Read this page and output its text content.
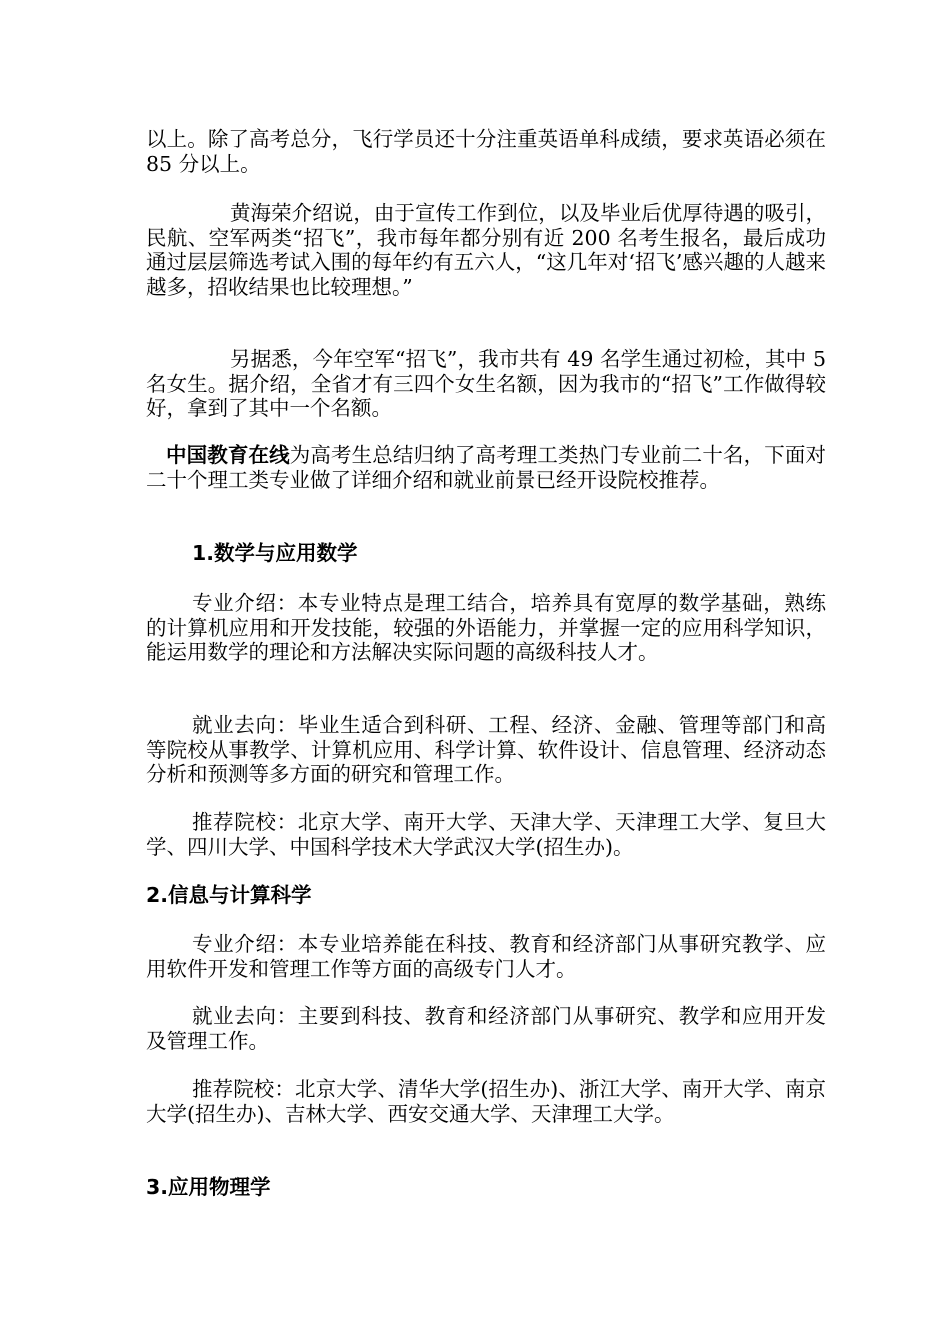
以上。除了高考总分，飞行学员还十分注重英语单科成绩，要求英语必须在 85 分以上。

黄海荣介绍说，由于宣传工作到位，以及毕业后优厚待遇的吸引，民航、空军两类“招飞”，我市每年都分别有近 200 名考生报名，最后成功通过层层筛选考试入围的每年约有五六人，“这几年对‘招飞’感兴趣的人越来越多，招收结果也比较理想。”

另据悉，今年空军“招飞”，我市共有 49 名学生通过初检，其中 5 名女生。据介绍，全省才有三四个女生名额，因为我市的“招飞”工作做得较好，拿到了其中一个名额。

中国教育在线为高考生总结归纳了高考理工类热门专业前二十名，下面对二十个理工类专业做了详细介绍和就业前景已经开设院校推荐。

1.数学与应用数学

专业介绍：本专业特点是理工结合，培养具有宽厚的数学基础，熟练的计算机应用和开发技能，较强的外语能力，并掌握一定的应用科学知识，能运用数学的理论和方法解决实际问题的高级科技人才。

就业去向：毕业生适合到科研、工程、经济、金融、管理等部门和高等院校从事教学、计算机应用、科学计算、软件设计、信息管理、经济动态分析和预测等多方面的研究和管理工作。

推荐院校：北京大学、南开大学、天津大学、天津理工大学、复旦大学、四川大学、中国科学技术大学武汉大学(招生办)。

2.信息与计算科学

专业介绍：本专业培养能在科技、教育和经济部门从事研究教学、应用软件开发和管理工作等方面的高级专门人才。

就业去向：主要到科技、教育和经济部门从事研究、教学和应用开发及管理工作。

推荐院校：北京大学、清华大学(招生办)、浙江大学、南开大学、南京大学(招生办)、吉林大学、西安交通大学、天津理工大学。

3.应用物理学
